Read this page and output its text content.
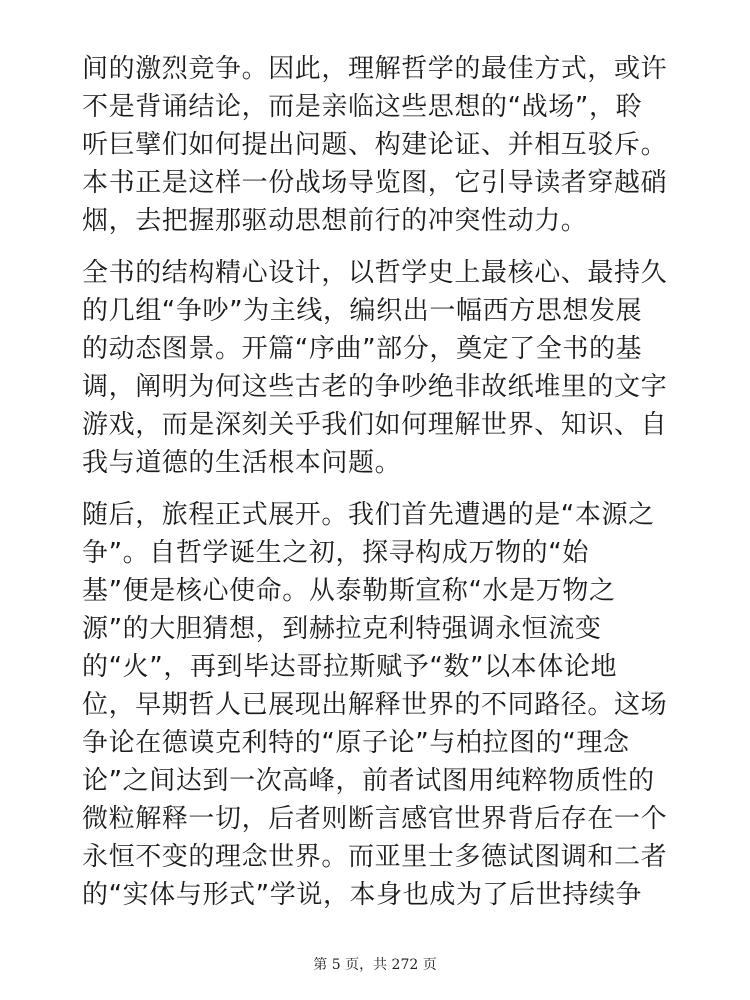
间的激烈竞争。因此，理解哲学的最佳方式，或许
不是背诵结论，而是亲临这些思想的“战场”，聆
听巨擘们如何提出问题、构建论证、并相互驳斥。
本书正是这样一份战场导览图，它引导读者穿越硝
烟，去把握那驱动思想前行的冲突性动力。
全书的结构精心设计，以哲学史上最核心、最持久
的几组“争吵”为主线，编织出一幅西方思想发展
的动态图景。开篇“序曲”部分，奠定了全书的基
调，阐明为何这些古老的争吵绝非故纸堆里的文字
游戏，而是深刻关乎我们如何理解世界、知识、自
我与道德的生活根本问题。
随后，旅程正式展开。我们首先遭遇的是“本源之
争”。自哲学诞生之初，探寻构成万物的“始
基”便是核心使命。从泰勒斯宣称“水是万物之
源”的大胆猜想，到赫拉克利特强调永恒流变
的“火”，再到毕达哥拉斯赋予“数”以本体论地
位，早期哲人已展现出解释世界的不同路径。这场
争论在德谟克利特的“原子论”与柏拉图的“理念
论”之间达到一次高峰，前者试图用纯粹物质性的
微粒解释一切，后者则断言感官世界背后存在一个
永恒不变的理念世界。而亚里士多德试图调和二者
的“实体与形式”学说，本身也成为了后世持续争
第 5 页，共 272 页
